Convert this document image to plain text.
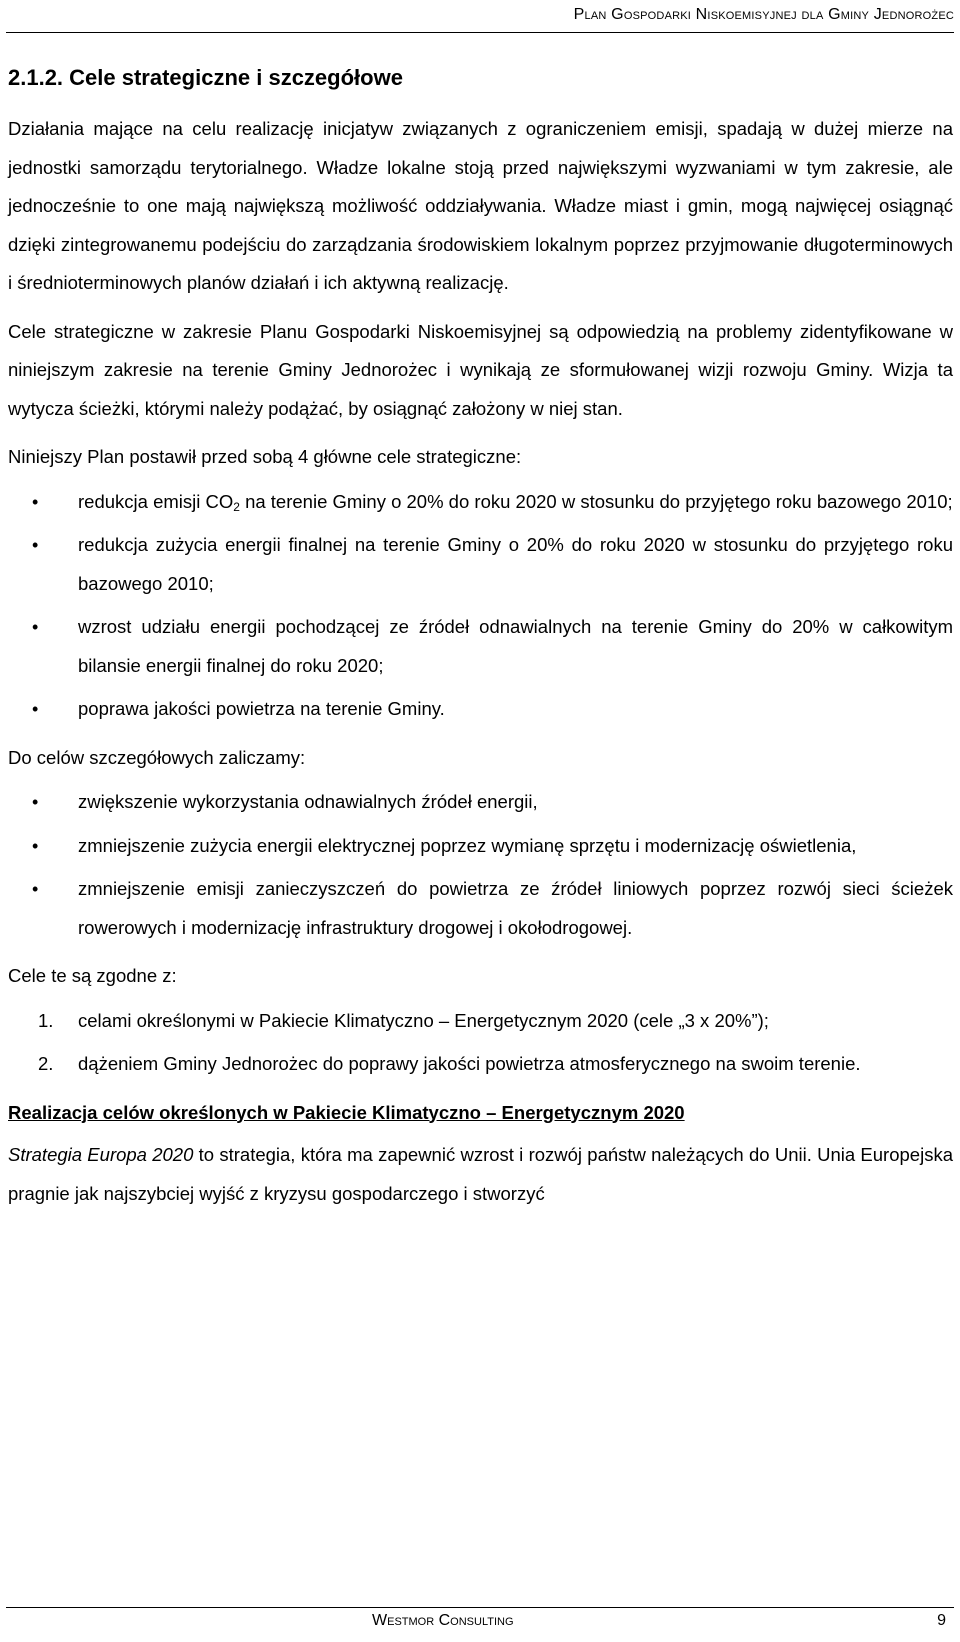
Plan Gospodarki Niskoemisyjnej dla Gminy Jednorożec
2.1.2. Cele strategiczne i szczegółowe

Działania mające na celu realizację inicjatyw związanych z ograniczeniem emisji, spadają w dużej mierze na jednostki samorządu terytorialnego. Władze lokalne stoją przed największymi wyzwaniami w tym zakresie, ale jednocześnie to one mają największą możliwość oddziaływania. Władze miast i gmin, mogą najwięcej osiągnąć dzięki zintegrowanemu podejściu do zarządzania środowiskiem lokalnym poprzez przyjmowanie długoterminowych i średnioterminowych planów działań i ich aktywną realizację.

Cele strategiczne w zakresie Planu Gospodarki Niskoemisyjnej są odpowiedzią na problemy zidentyfikowane w niniejszym zakresie na terenie Gminy Jednorożec i wynikają ze sformułowanej wizji rozwoju Gminy. Wizja ta wytycza ścieżki, którymi należy podążać, by osiągnąć założony w niej stan.

Niniejszy Plan postawił przed sobą 4 główne cele strategiczne:

• redukcja emisji $CO_2$ na terenie Gminy o 20% do roku 2020 w stosunku do przyjętego roku bazowego 2010;
• redukcja zużycia energii finalnej na terenie Gminy o 20% do roku 2020 w stosunku do przyjętego roku bazowego 2010;
• wzrost udziału energii pochodzącej ze źródeł odnawialnych na terenie Gminy do 20% w całkowitym bilansie energii finalnej do roku 2020;
• poprawa jakości powietrza na terenie Gminy.

Do celów szczegółowych zaliczamy:

• zwiększenie wykorzystania odnawialnych źródeł energii,
• zmniejszenie zużycia energii elektrycznej poprzez wymianę sprzętu i modernizację oświetlenia,
• zmniejszenie emisji zanieczyszczeń do powietrza ze źródeł liniowych poprzez rozwój sieci ścieżek rowerowych i modernizację infrastruktury drogowej i okołodrogowej.

Cele te są zgodne z:

1. celami określonymi w Pakiecie Klimatyczno – Energetycznym 2020 (cele „3 x 20%”);
2. dążeniem Gminy Jednorożec do poprawy jakości powietrza atmosferycznego na swoim terenie.
Realizacja celów określonych w Pakiecie Klimatyczno – Energetycznym 2020

Strategia Europa 2020 to strategia, która ma zapewnić wzrost i rozwój państw należących do Unii. Unia Europejska pragnie jak najszybciej wyjść z kryzysu gospodarczego i stworzyć

Westmor Consulting	9
